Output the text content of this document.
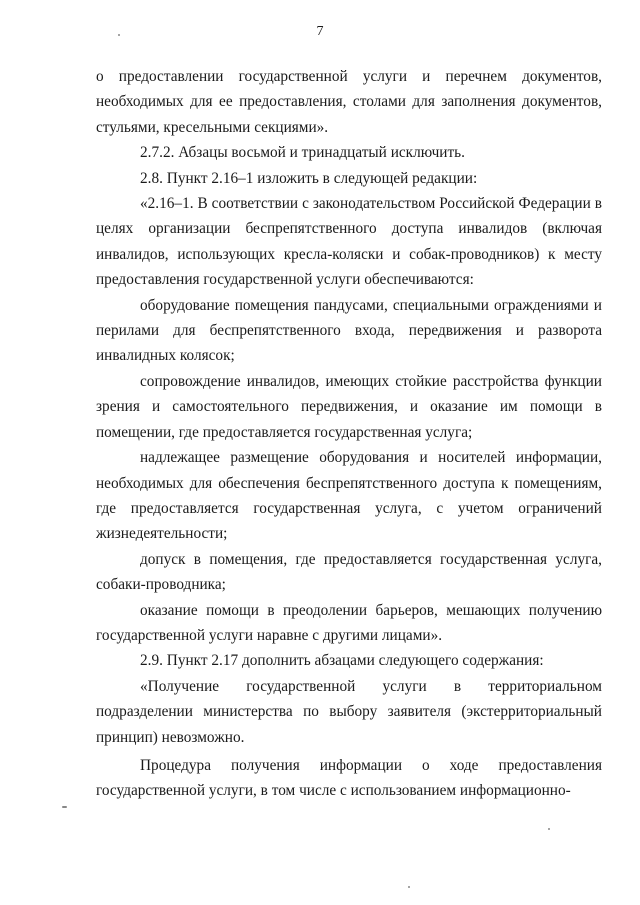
7

о предоставлении государственной услуги и перечнем документов, необходимых для ее предоставления, столами для заполнения документов, стульями, кресельными секциями».

2.7.2. Абзацы восьмой и тринадцатый исключить.

2.8. Пункт 2.16–1 изложить в следующей редакции:

«2.16–1. В соответствии с законодательством Российской Федерации в целях организации беспрепятственного доступа инвалидов (включая инвалидов, использующих кресла-коляски и собак-проводников) к месту предоставления государственной услуги обеспечиваются:

оборудование помещения пандусами, специальными ограждениями и перилами для беспрепятственного входа, передвижения и разворота инвалидных колясок;

сопровождение инвалидов, имеющих стойкие расстройства функции зрения и самостоятельного передвижения, и оказание им помощи в помещении, где предоставляется государственная услуга;

надлежащее размещение оборудования и носителей информации, необходимых для обеспечения беспрепятственного доступа к помещениям, где предоставляется государственная услуга, с учетом ограничений жизнедеятельности;

допуск в помещения, где предоставляется государственная услуга, собаки-проводника;

оказание помощи в преодолении барьеров, мешающих получению государственной услуги наравне с другими лицами».

2.9. Пункт 2.17 дополнить абзацами следующего содержания:

«Получение государственной услуги в территориальном подразделении министерства по выбору заявителя (экстерриториальный принцип) невозможно.

Процедура получения информации о ходе предоставления государственной услуги, в том числе с использованием информационно-
